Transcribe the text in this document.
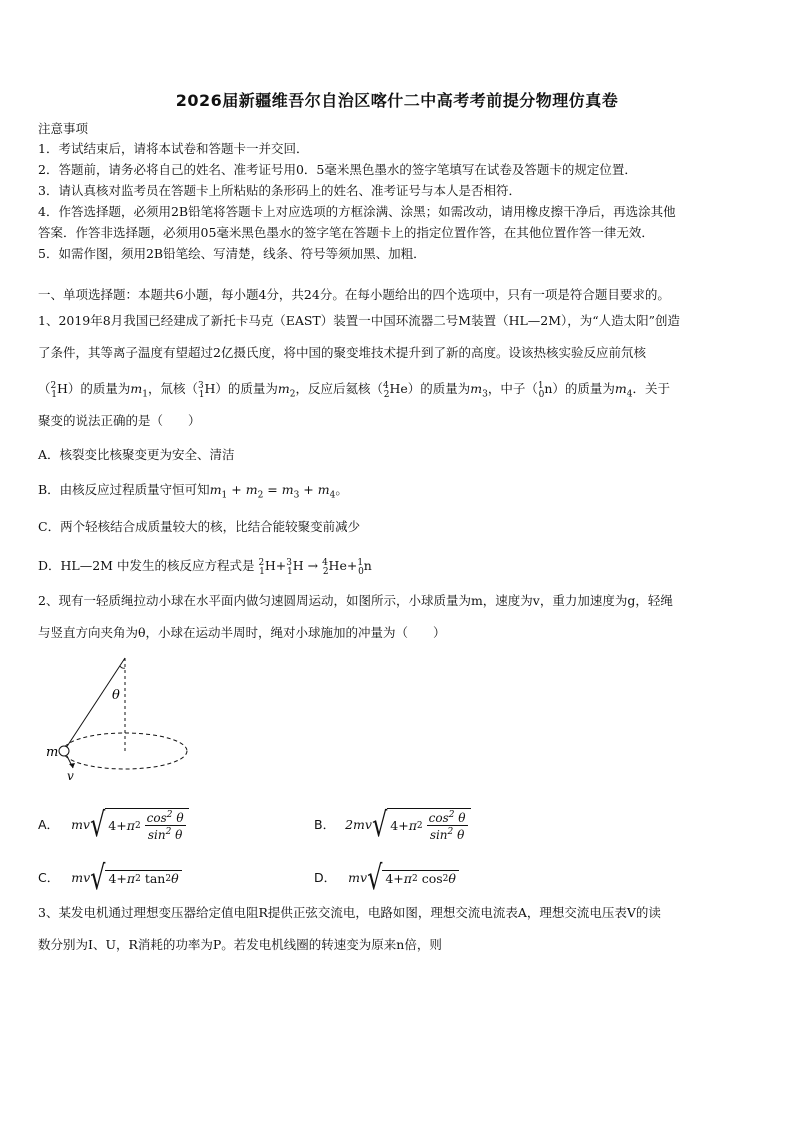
2026届新疆维吾尔自治区喀什二中高考考前提分物理仿真卷
注意事项
1．考试结束后，请将本试卷和答题卡一并交回．
2．答题前，请务必将自己的姓名、准考证号用0．5毫米黑色墨水的签字笔填写在试卷及答题卡的规定位置．
3．请认真核对监考员在答题卡上所粘贴的条形码上的姓名、准考证号与本人是否相符．
4．作答选择题，必须用2B铅笔将答题卡上对应选项的方框涂满、涂黑；如需改动，请用橡皮擦干净后，再选涂其他
答案．作答非选择题，必须用05毫米黑色墨水的签字笔在答题卡上的指定位置作答，在其他位置作答一律无效．
5．如需作图，须用2B铅笔绘、写清楚，线条、符号等须加黑、加粗．
一、单项选择题：本题共6小题，每小题4分，共24分。在每小题给出的四个选项中，只有一项是符合题目要求的。
1、2019年8月我国已经建成了新托卡马克（EAST）装置一中国环流器二号M装置（HL—2M），为“人造太阳”创造
了条件，其等离子温度有望超过2亿摄氏度，将中国的聚变堆技术提升到了新的高度。设该热核实验反应前氘核
（$^2_1$H）的质量为$m_1$，氚核（$^3_1$H）的质量为$m_2$，反应后氦核（$^4_2$He）的质量为$m_3$，中子（$^1_0$n）的质量为$m_4$．关于
聚变的说法正确的是（　　）
A．核裂变比核聚变更为安全、清洁
B．由核反应过程质量守恒可知$m_1 + m_2 = m_3 + m_4$。
C．两个轻核结合成质量较大的核，比结合能较聚变前减少
D．HL—2M 中发生的核反应方程式是 $^2_1$H+$^3_1$H → $^4_2$He+$^1_0$n
2、现有一轻质绳拉动小球在水平面内做匀速圆周运动，如图所示，小球质量为m，速度为v，重力加速度为g，轻绳
与竖直方向夹角为θ，小球在运动半周时，绳对小球施加的冲量为（　　）
θ
m
v
A． mv √ 4+ π 2
$\frac{\cos^2 \theta}{\sin^2 \theta}$	B． 2mv √ 4+ π 2
$\frac{\cos^2 \theta}{\sin^2 \theta}$
C． mv √ 4+ π 2 tan 2 θ	D． mv √ 4+ π 2 cos 2 θ
3、某发电机通过理想变压器给定值电阻R提供正弦交流电，电路如图，理想交流电流表A，理想交流电压表V的读
数分别为I、U，R消耗的功率为P。若发电机线圈的转速变为原来n倍，则
